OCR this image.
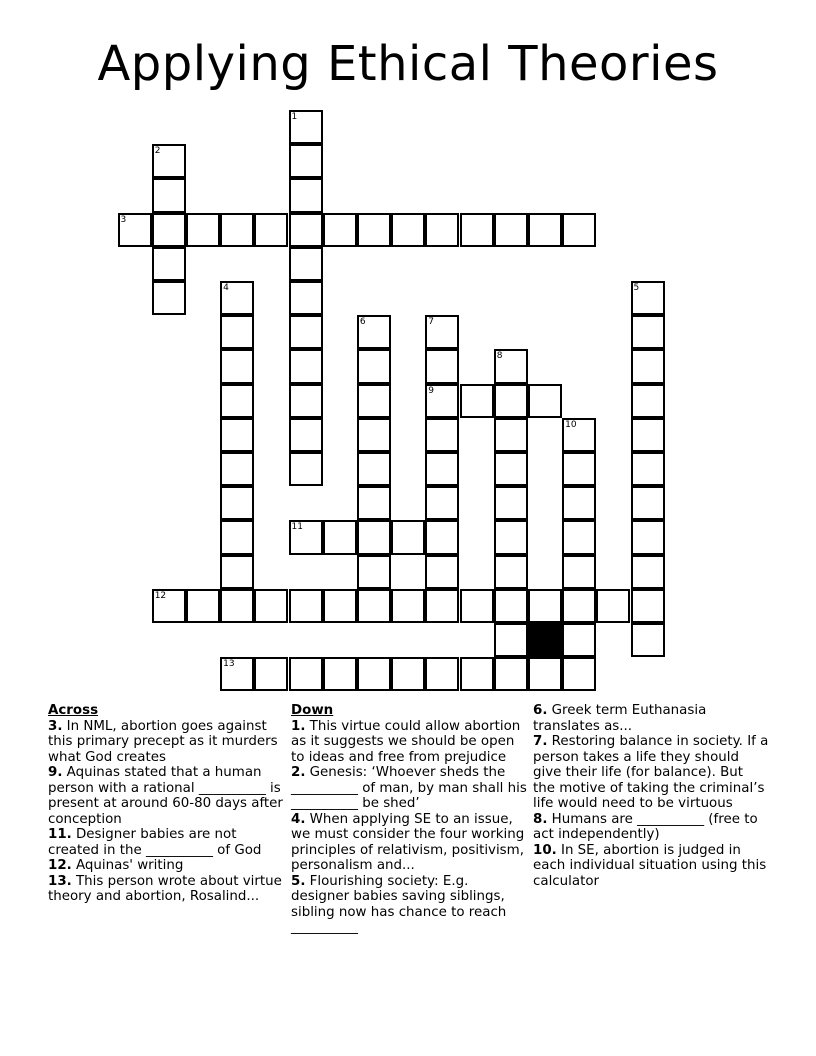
Applying Ethical Theories
1
2
3
4	5
6	7
9
8
10
11
12
13
Across
3. In NML, abortion goes against this primary precept as it murders what God creates
9. Aquinas stated that a human person with a rational __________ is present at around 60-80 days after conception
11. Designer babies are not created in the __________ of God
12. Aquinas' writing
13. This person wrote about virtue theory and abortion, Rosalind...
Down
1. This virtue could allow abortion as it suggests we should be open to ideas and free from prejudice
2. Genesis: ‘Whoever sheds the __________ of man, by man shall his __________ be shed’
4. When applying SE to an issue, we must consider the four working principles of relativism, positivism, personalism and...
5. Flourishing society: E.g. designer babies saving siblings, sibling now has chance to reach __________
6. Greek term Euthanasia translates as...
7. Restoring balance in society. If a person takes a life they should give their life (for balance). But the motive of taking the criminal’s life would need to be virtuous
8. Humans are __________ (free to act independently)
10. In SE, abortion is judged in each individual situation using this calculator
